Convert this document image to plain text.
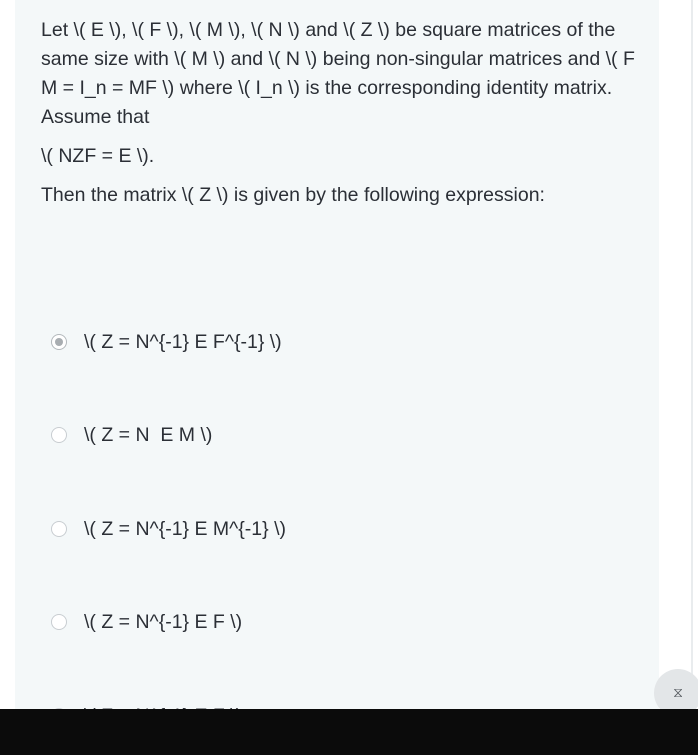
Let \( E \), \( F \), \( M \), \( N \) and \( Z \) be square matrices of the same size with \( M \) and \( N \) being non-singular matrices and \( F M = I_n = MF \) where \( I_n \) is the corresponding identity matrix. Assume that

\( NZF = E \).

Then the matrix \( Z \) is given by the following expression:

\( Z = N^{-1} E F^{-1} \)
\( Z = N  E M \)
\( Z = N^{-1} E M^{-1} \)
\( Z = N^{-1} E F \)
⧖
